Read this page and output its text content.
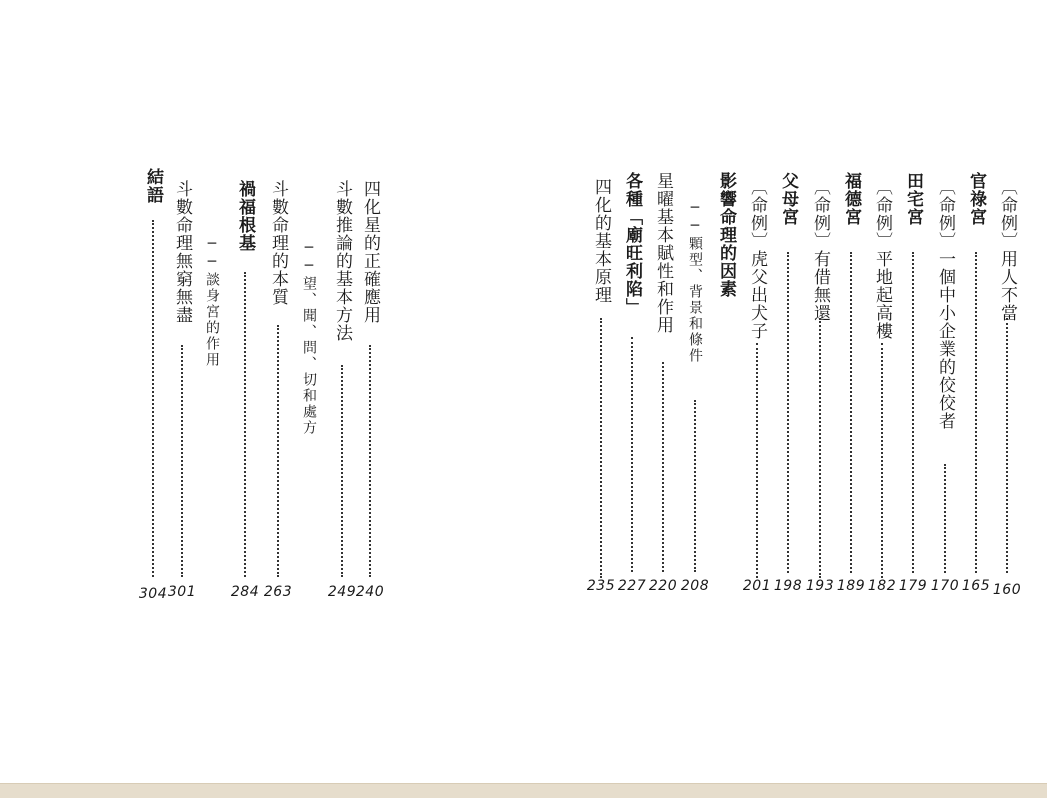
四化星的正確應用
240
斗數推論的基本方法
249
──望、聞、問、切和處方
斗數命理的本質
263
禍福根基
284
──談身宮的作用
斗數命理無窮無盡
301
結語
304
〔命例〕用人不當
160
官祿宮
165
〔命例〕一個中小企業的佼佼者
170
田宅宮
179
〔命例〕平地起高樓
182
福德宮
189
〔命例〕有借無還
193
父母宮
198
〔命例〕虎父出犬子
201
影響命理的因素
──顆型、背景和條件
208
星曜基本賦性和作用
220
各種「廟旺利陷」
227
四化的基本原理
235
